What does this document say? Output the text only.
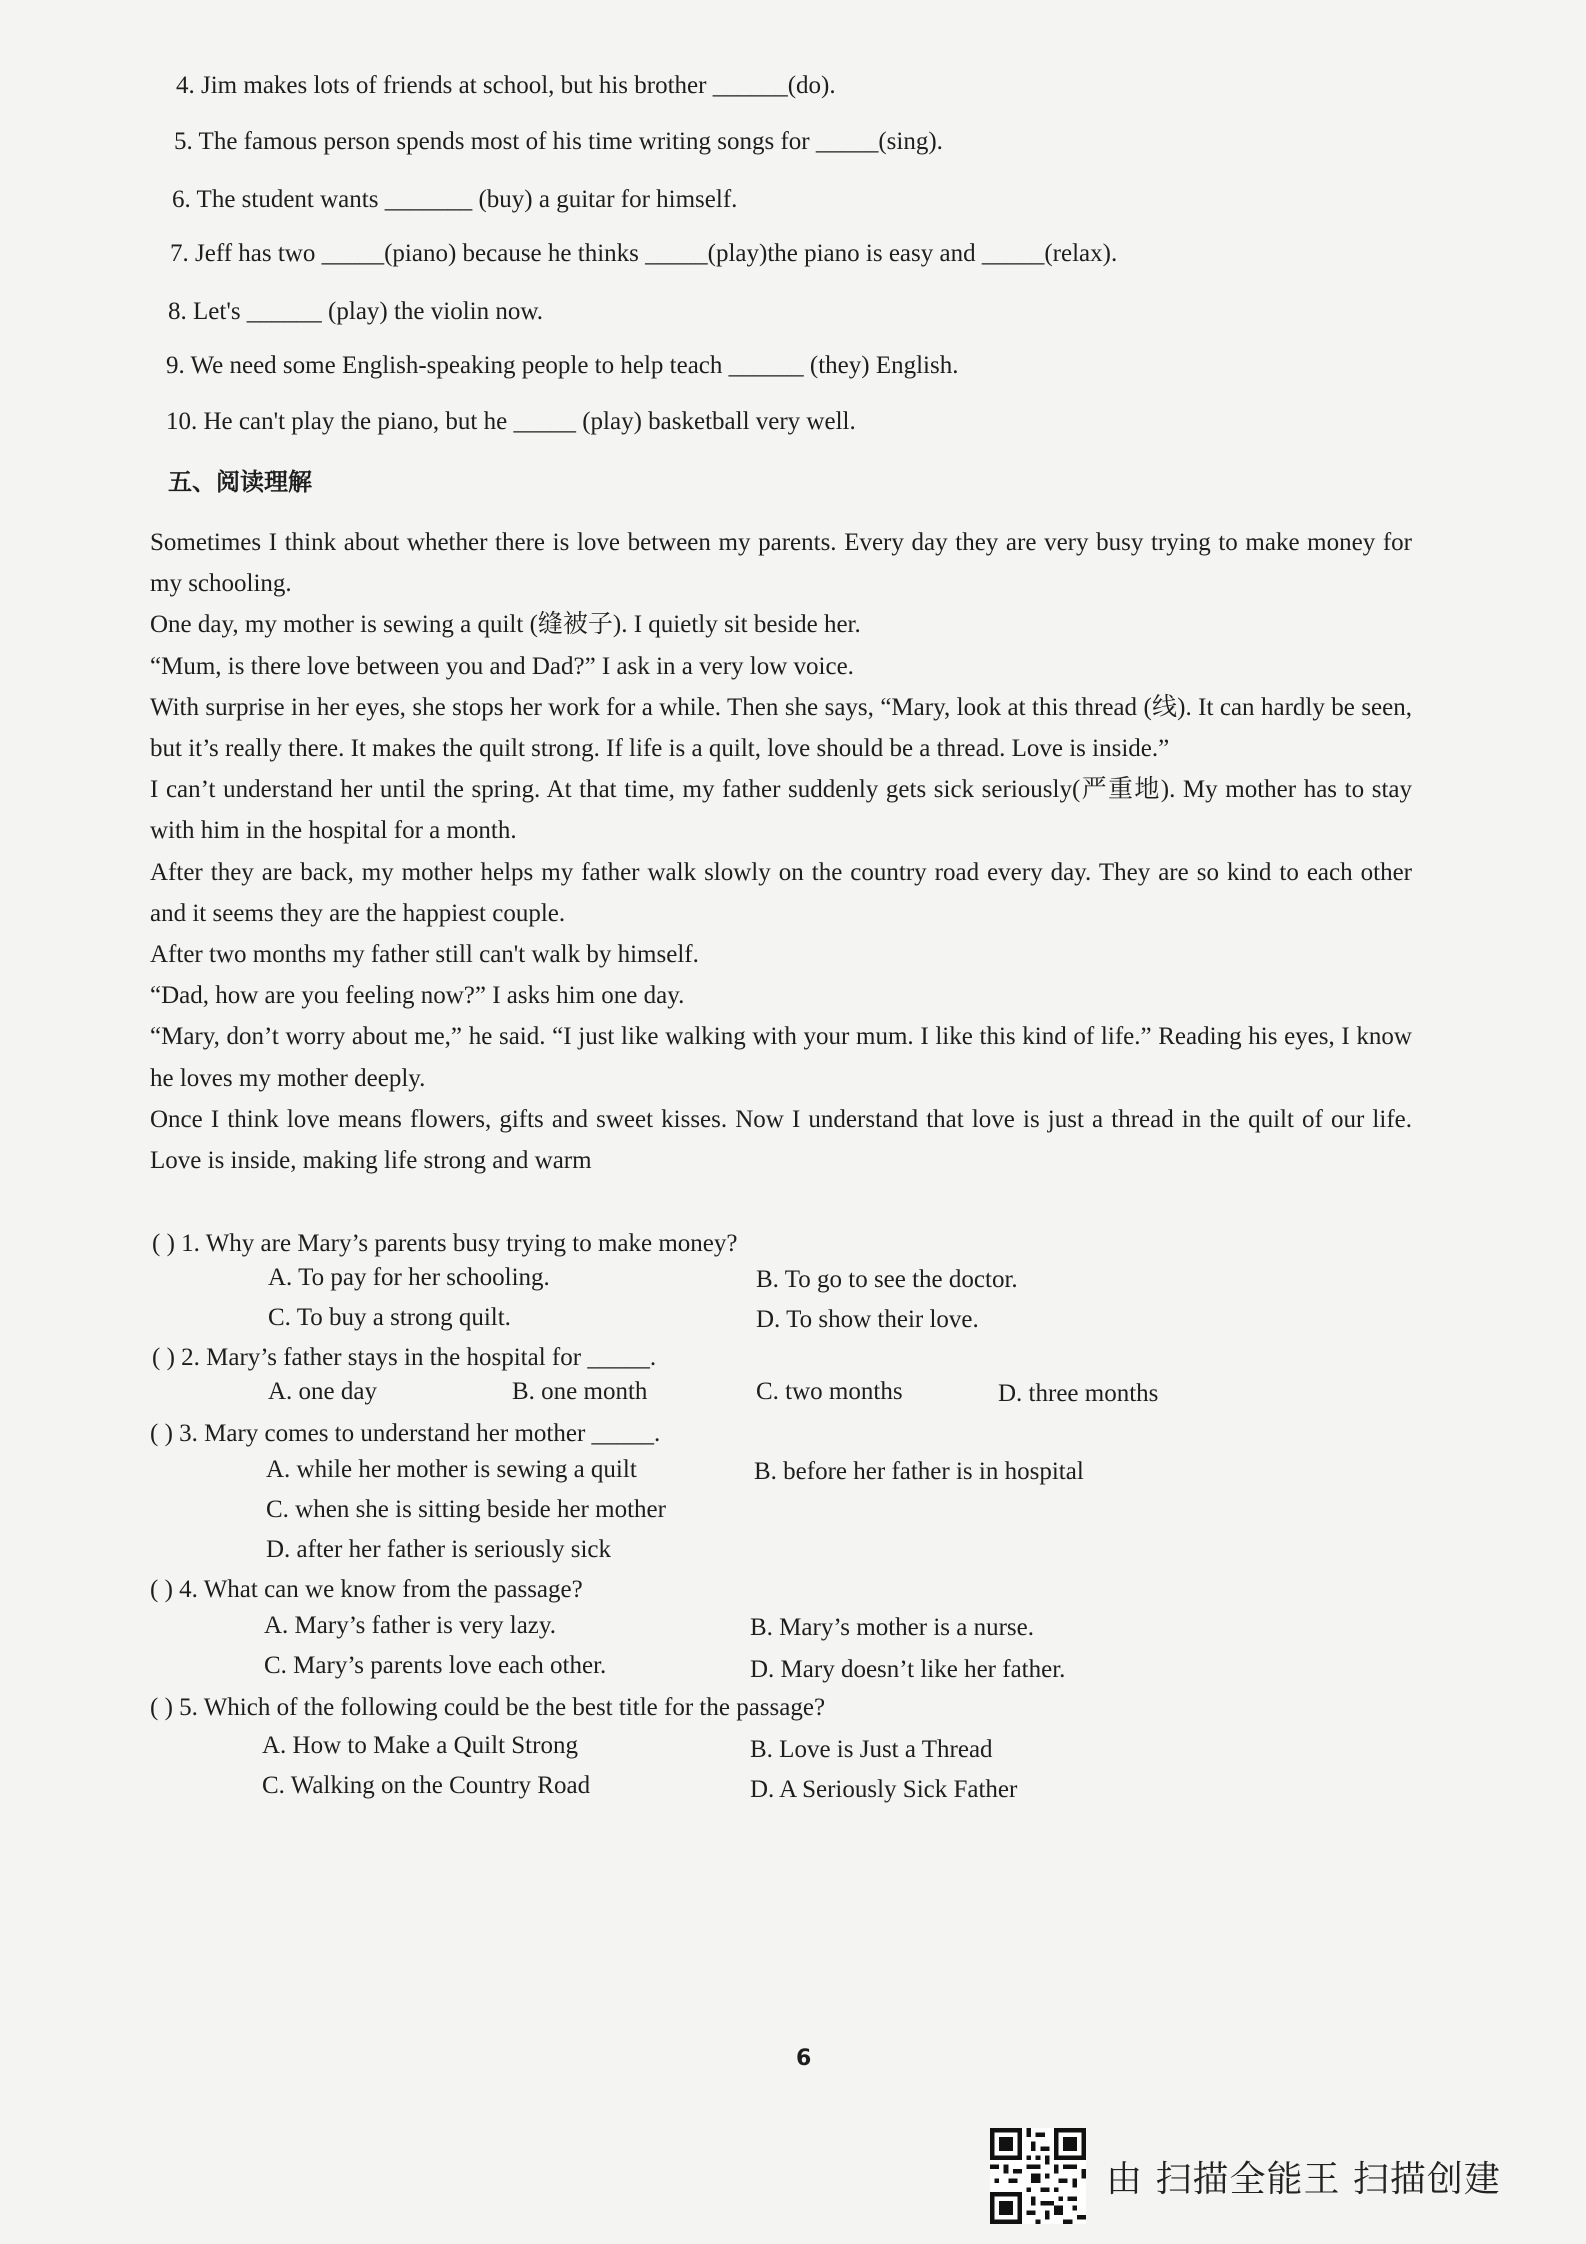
4. Jim makes lots of friends at school, but his brother ______(do).
5. The famous person spends most of his time writing songs for _____(sing).
6. The student wants _______ (buy) a guitar for himself.
7. Jeff has two _____(piano) because he thinks _____(play)the piano is easy and _____(relax).
8. Let's ______ (play) the violin now.
9. We need some English-speaking people to help teach ______ (they) English.
10. He can't play the piano, but he _____ (play) basketball very well.
五、阅读理解

Sometimes I think about whether there is love between my parents. Every day they are very busy trying to make money for my schooling.

One day, my mother is sewing a quilt (缝被子). I quietly sit beside her.

“Mum, is there love between you and Dad?” I ask in a very low voice.

With surprise in her eyes, she stops her work for a while. Then she says, “Mary, look at this thread (线). It can hardly be seen, but it’s really there. It makes the quilt strong. If life is a quilt, love should be a thread. Love is inside.”

I can’t understand her until the spring. At that time, my father suddenly gets sick seriously(严重地). My mother has to stay with him in the hospital for a month.

After they are back, my mother helps my father walk slowly on the country road every day. They are so kind to each other and it seems they are the happiest couple.

After two months my father still can't walk by himself.

“Dad, how are you feeling now?” I asks him one day.

“Mary, don’t worry about me,” he said. “I just like walking with your mum. I like this kind of life.” Reading his eyes, I know he loves my mother deeply.

Once I think love means flowers, gifts and sweet kisses. Now I understand that love is just a thread in the quilt of our life. Love is inside, making life strong and warm

( ) 1. Why are Mary’s parents busy trying to make money?
A. To pay for her schooling.	B. To go to see the doctor.
C. To buy a strong quilt.	D. To show their love.
( ) 2. Mary’s father stays in the hospital for _____.
A. one day	B. one month	C. two months	D. three months
( ) 3. Mary comes to understand her mother _____.
A. while her mother is sewing a quilt	B. before her father is in hospital
C. when she is sitting beside her mother
D. after her father is seriously sick
( ) 4. What can we know from the passage?
A. Mary’s father is very lazy.	B. Mary’s mother is a nurse.
C. Mary’s parents love each other.	D. Mary doesn’t like her father.
( ) 5. Which of the following could be the best title for the passage?
A. How to Make a Quilt Strong	B. Love is Just a Thread
C. Walking on the Country Road	D. A Seriously Sick Father
6
由 扫描全能王 扫描创建
